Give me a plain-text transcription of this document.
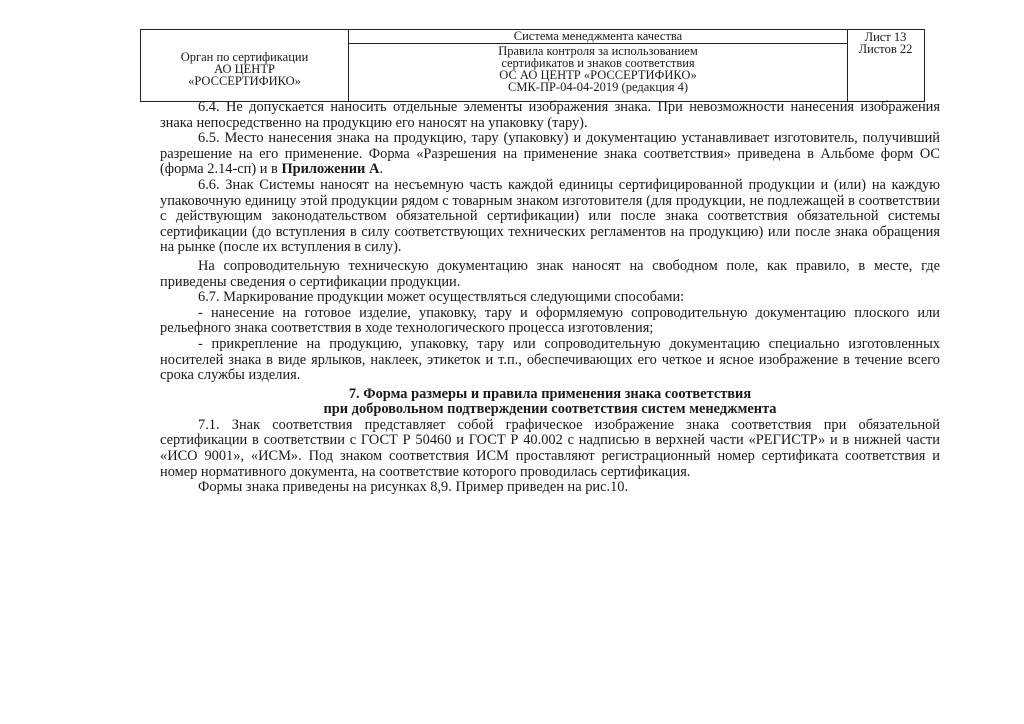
Орган по сертификации
АО ЦЕНТР
«РОССЕРТИФИКО»
Система менеджмента качества
Правила контроля за использованием
сертификатов и знаков соответствия
ОС АО ЦЕНТР «РОССЕРТИФИКО»
СМК-ПР-04-04-2019 (редакция 4)
Лист 13
Листов 22

6.4. Не допускается наносить отдельные элементы изображения знака. При невозможности нанесения изображения знака непосредственно на продукцию его наносят на упаковку (тару).

6.5. Место нанесения знака на продукцию, тару (упаковку) и документацию устанавливает изготовитель, получивший разрешение на его применение. Форма «Разрешения на применение знака соответствия» приведена в Альбоме форм ОС (форма 2.14-сп) и в Приложении А.

6.6. Знак Системы наносят на несъемную часть каждой единицы сертифицированной продукции и (или) на каждую упаковочную единицу этой продукции рядом с товарным знаком изготовителя (для продукции, не подлежащей в соответствии с действующим законодательством обязательной сертификации) или после знака соответствия обязательной системы сертификации (до вступления в силу соответствующих технических регламентов на продукцию) или после знака обращения на рынке (после их вступления в силу).

На сопроводительную техническую документацию знак наносят на свободном поле, как правило, в месте, где приведены сведения о сертификации продукции.

6.7. Маркирование продукции может осуществляться следующими способами:

- нанесение на готовое изделие, упаковку, тару и оформляемую сопроводительную документацию плоского или рельефного знака соответствия в ходе технологического процесса изготовления;

- прикрепление на продукцию, упаковку, тару или сопроводительную документацию специально изготовленных носителей знака в виде ярлыков, наклеек, этикеток и т.п., обеспечивающих его четкое и ясное изображение в течение всего срока службы изделия.

7. Форма размеры и правила применения знака соответствия
при добровольном подтверждении соответствия систем менеджмента

7.1. Знак соответствия представляет собой графическое изображение знака соответствия при обязательной сертификации в соответствии с ГОСТ Р 50460 и ГОСТ Р 40.002 с надписью в верхней части «РЕГИСТР» и в нижней части «ИСО 9001», «ИСМ». Под знаком соответствия ИСМ проставляют регистрационный номер сертификата соответствия и номер нормативного документа, на соответствие которого проводилась сертификация.

Формы знака приведены на рисунках 8,9. Пример приведен на рис.10.
